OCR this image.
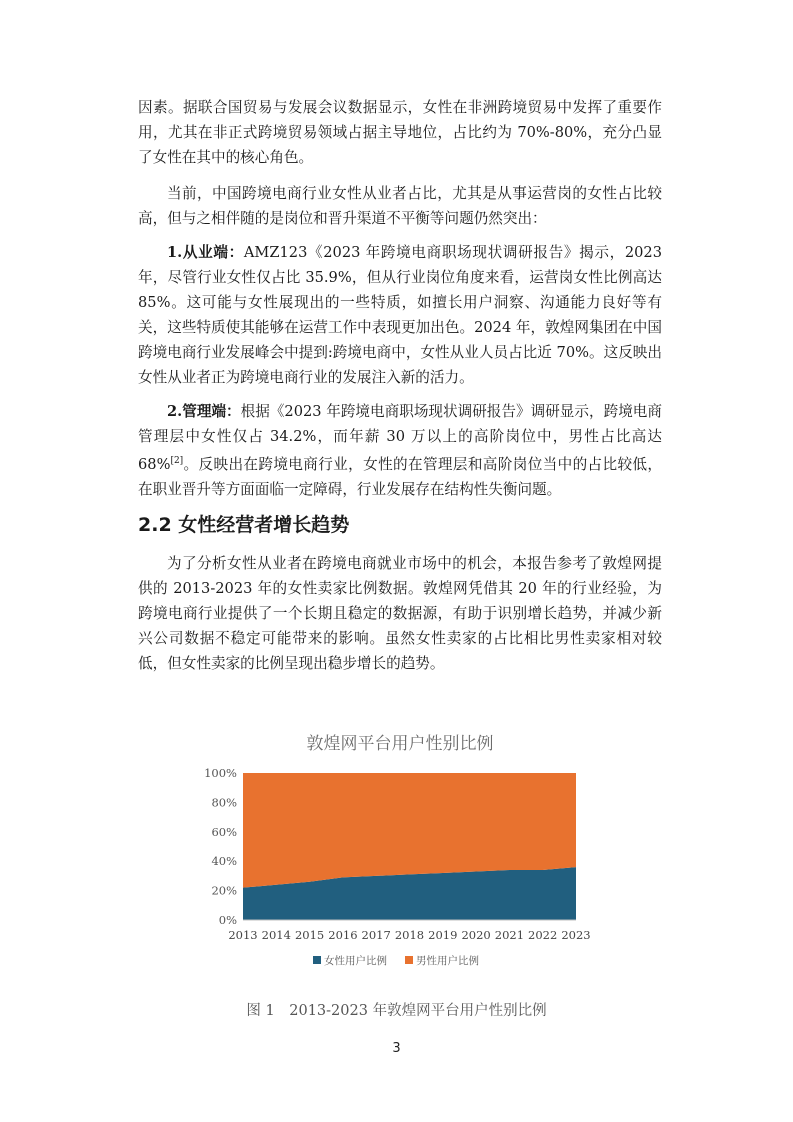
因素。据联合国贸易与发展会议数据显示，女性在非洲跨境贸易中发挥了重要作用，尤其在非正式跨境贸易领域占据主导地位，占比约为 70%-80%，充分凸显了女性在其中的核心角色。

当前，中国跨境电商行业女性从业者占比，尤其是从事运营岗的女性占比较高，但与之相伴随的是岗位和晋升渠道不平衡等问题仍然突出：

1.从业端：AMZ123《2023 年跨境电商职场现状调研报告》揭示，2023 年，尽管行业女性仅占比 35.9%，但从行业岗位角度来看，运营岗女性比例高达 85%。这可能与女性展现出的一些特质，如擅长用户洞察、沟通能力良好等有关，这些特质使其能够在运营工作中表现更加出色。2024 年，敦煌网集团在中国跨境电商行业发展峰会中提到:跨境电商中，女性从业人员占比近 70%。这反映出女性从业者正为跨境电商行业的发展注入新的活力。

2.管理端：根据《2023 年跨境电商职场现状调研报告》调研显示，跨境电商管理层中女性仅占 34.2%，而年薪 30 万以上的高阶岗位中，男性占比高达 68%[2]。反映出在跨境电商行业，女性的在管理层和高阶岗位当中的占比较低，在职业晋升等方面面临一定障碍，行业发展存在结构性失衡问题。

2.2 女性经营者增长趋势

为了分析女性从业者在跨境电商就业市场中的机会，本报告参考了敦煌网提供的 2013-2023 年的女性卖家比例数据。敦煌网凭借其 20 年的行业经验，为跨境电商行业提供了一个长期且稳定的数据源，有助于识别增长趋势，并减少新兴公司数据不稳定可能带来的影响。虽然女性卖家的占比相比男性卖家相对较低，但女性卖家的比例呈现出稳步增长的趋势。

敦煌网平台用户性别比例
0%
20%
40%
60%
80%
100%
2013 2014 2015 2016 2017 2018 2019 2020 2021 2022 2023
女性用户比例	男性用户比例
图 1　2013-2023 年敦煌网平台用户性别比例
3
